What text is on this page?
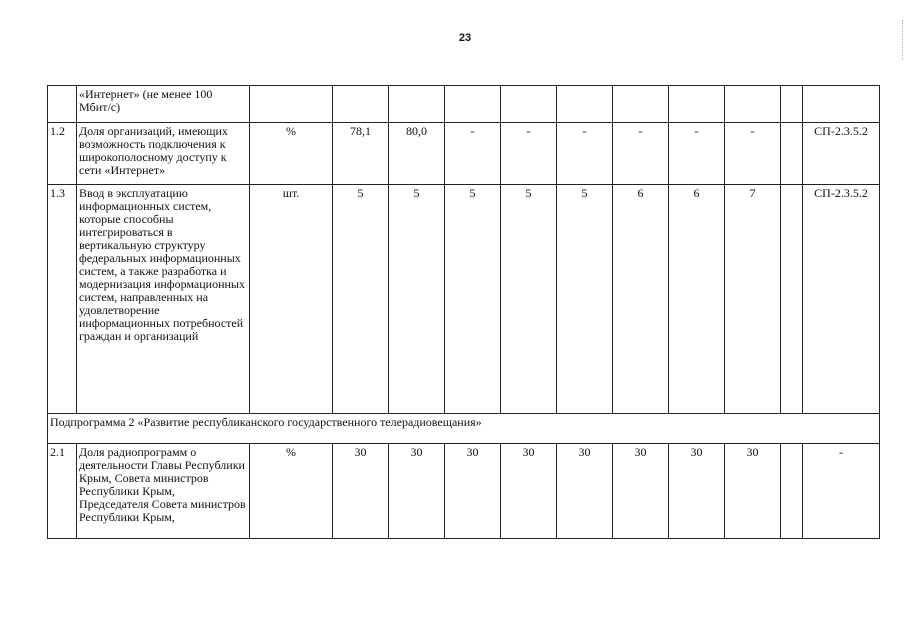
23
	«Интернет» (не менее 100 Мбит/с)											
1.2	Доля организаций, имеющих возможность подключения к широкополосному доступу к сети «Интернет»	%	78,1	80,0	-	-	-	-	-	-		СП-2.3.5.2
1.3	Ввод в эксплуатацию информационных систем, которые способны интегрироваться в вертикальную структуру федеральных информационных систем, а также разработка и модернизация информационных систем, направленных на удовлетворение информационных потребностей граждан и организаций	шт.	5	5	5	5	5	6	6	7		СП-2.3.5.2
Подпрограмма 2 «Развитие республиканского государственного телерадиовещания»												
2.1	Доля радиопрограмм о деятельности Главы Республики Крым, Совета министров Республики Крым, Председателя Совета министров Республики Крым,	%	30	30	30	30	30	30	30	30		-
